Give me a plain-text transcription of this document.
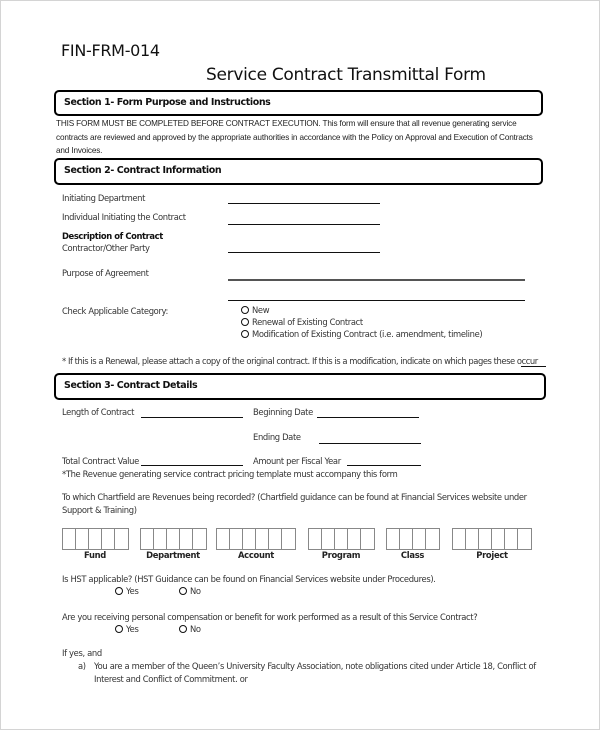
FIN-FRM-014
Service Contract Transmittal Form
Section 1- Form Purpose and Instructions
THIS FORM MUST BE COMPLETED BEFORE CONTRACT EXECUTION. This form will ensure that all revenue generating service contracts are reviewed and approved by the appropriate authorities in accordance with the Policy on Approval and Execution of Contracts and Invoices.
Section 2- Contract Information
Initiating Department
Individual Initiating the Contract
Description of Contract
Contractor/Other Party
Purpose of Agreement
Check Applicable Category:	New
Renewal of Existing Contract
Modification of Existing Contract (i.e. amendment, timeline)
* If this is a Renewal, please attach a copy of the original contract. If this is a modification, indicate on which pages these occur
Section 3- Contract Details
Length of Contract	Beginning Date
Ending Date
Total Contract Value	Amount per Fiscal Year
*The Revenue generating service contract pricing template must accompany this form
To which Chartfield are Revenues being recorded? (Chartfield guidance can be found at Financial Services website under Support & Training)
Fund	Department	Account	Program	Class	Project
Is HST applicable? (HST Guidance can be found on Financial Services website under Procedures).
Yes	No
Are you receiving personal compensation or benefit for work performed as a result of this Service Contract?
Yes	No
If yes, and
a) You are a member of the Queen’s University Faculty Association, note obligations cited under Article 18, Conflict of Interest and Conflict of Commitment. or
